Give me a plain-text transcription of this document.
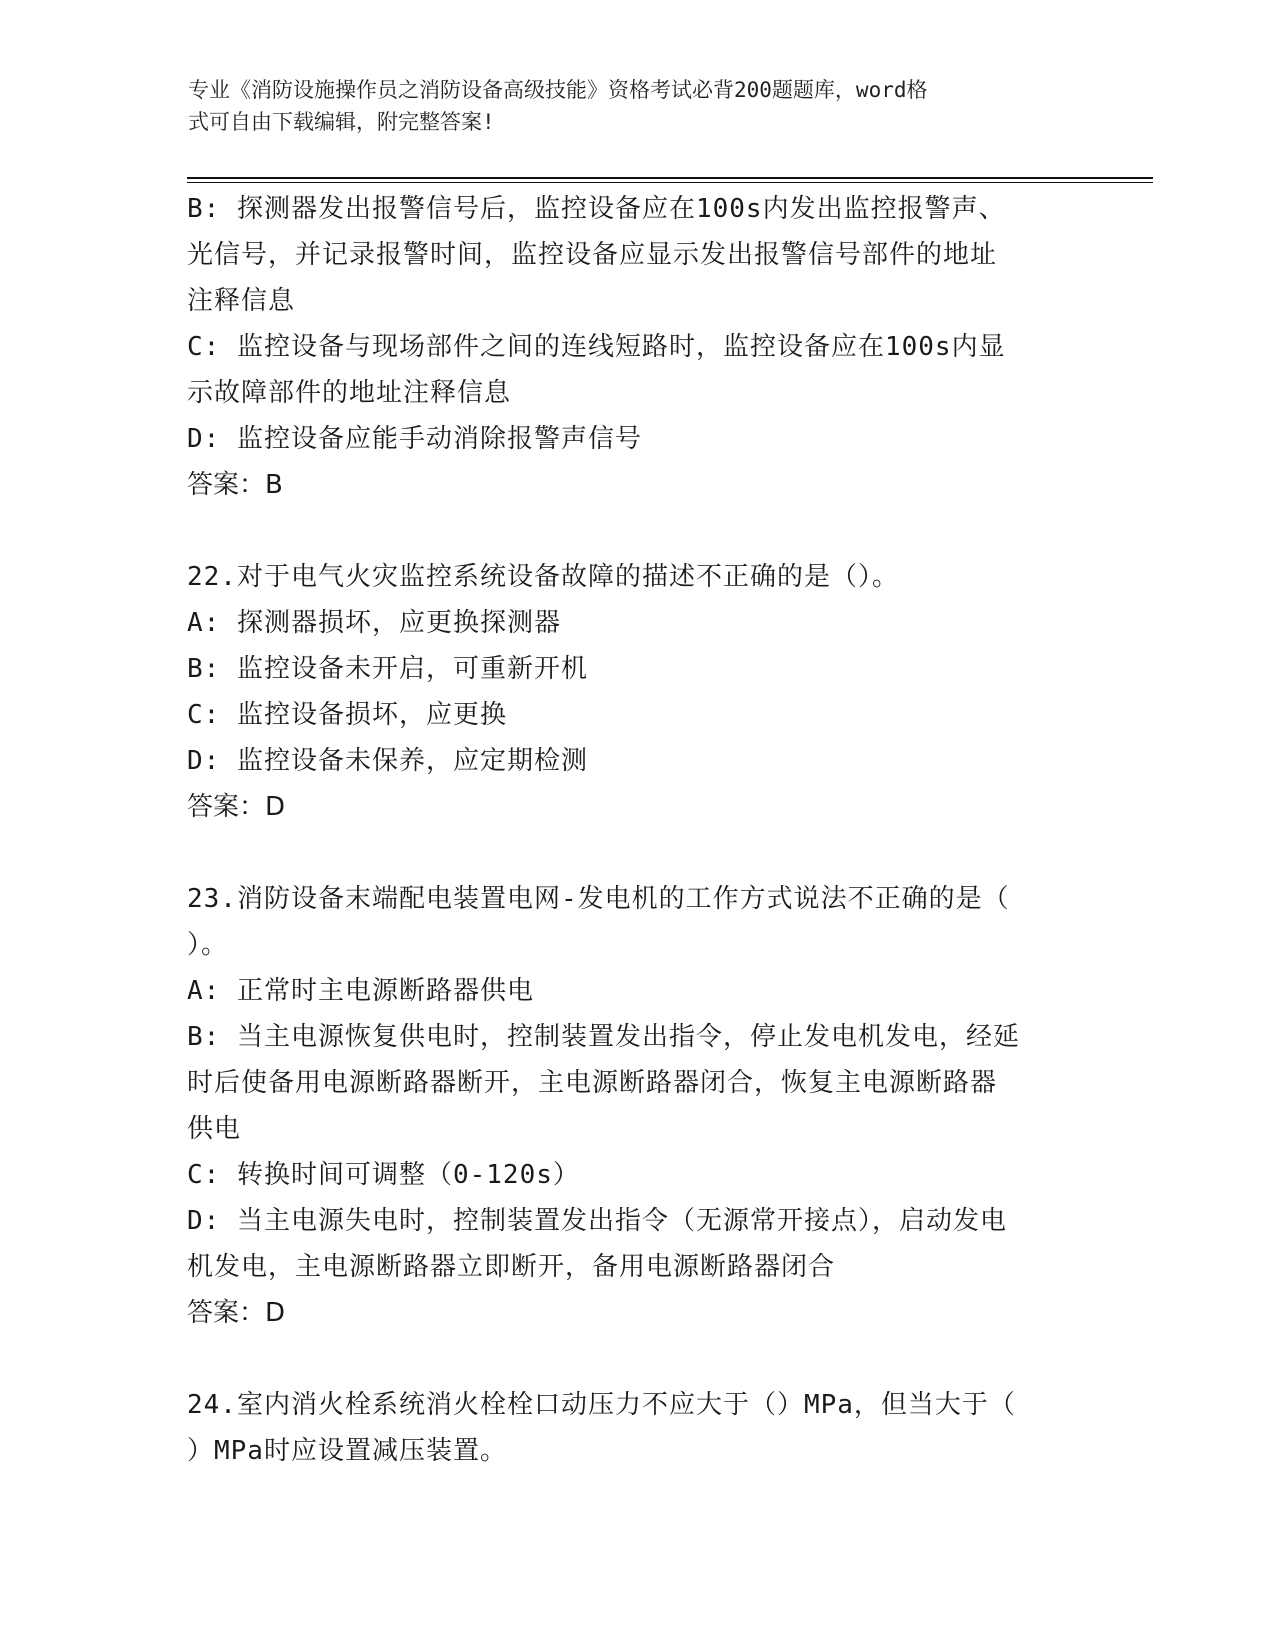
专业《消防设施操作员之消防设备高级技能》资格考试必背200题题库，word格
式可自由下载编辑，附完整答案!
B: 探测器发出报警信号后，监控设备应在100s内发出监控报警声、
光信号，并记录报警时间，监控设备应显示发出报警信号部件的地址
注释信息
C: 监控设备与现场部件之间的连线短路时，监控设备应在100s内显
示故障部件的地址注释信息
D: 监控设备应能手动消除报警声信号
答案：B
22.对于电气火灾监控系统设备故障的描述不正确的是（）。
A: 探测器损坏，应更换探测器
B: 监控设备未开启，可重新开机
C: 监控设备损坏，应更换
D: 监控设备未保养，应定期检测
答案：D
23.消防设备末端配电装置电网-发电机的工作方式说法不正确的是（
）。
A: 正常时主电源断路器供电
B: 当主电源恢复供电时，控制装置发出指令，停止发电机发电，经延
时后使备用电源断路器断开，主电源断路器闭合，恢复主电源断路器
供电
C: 转换时间可调整（0-120s）
D: 当主电源失电时，控制装置发出指令（无源常开接点），启动发电
机发电，主电源断路器立即断开，备用电源断路器闭合
答案：D
24.室内消火栓系统消火栓栓口动压力不应大于（）MPa，但当大于（
）MPa时应设置减压装置。
